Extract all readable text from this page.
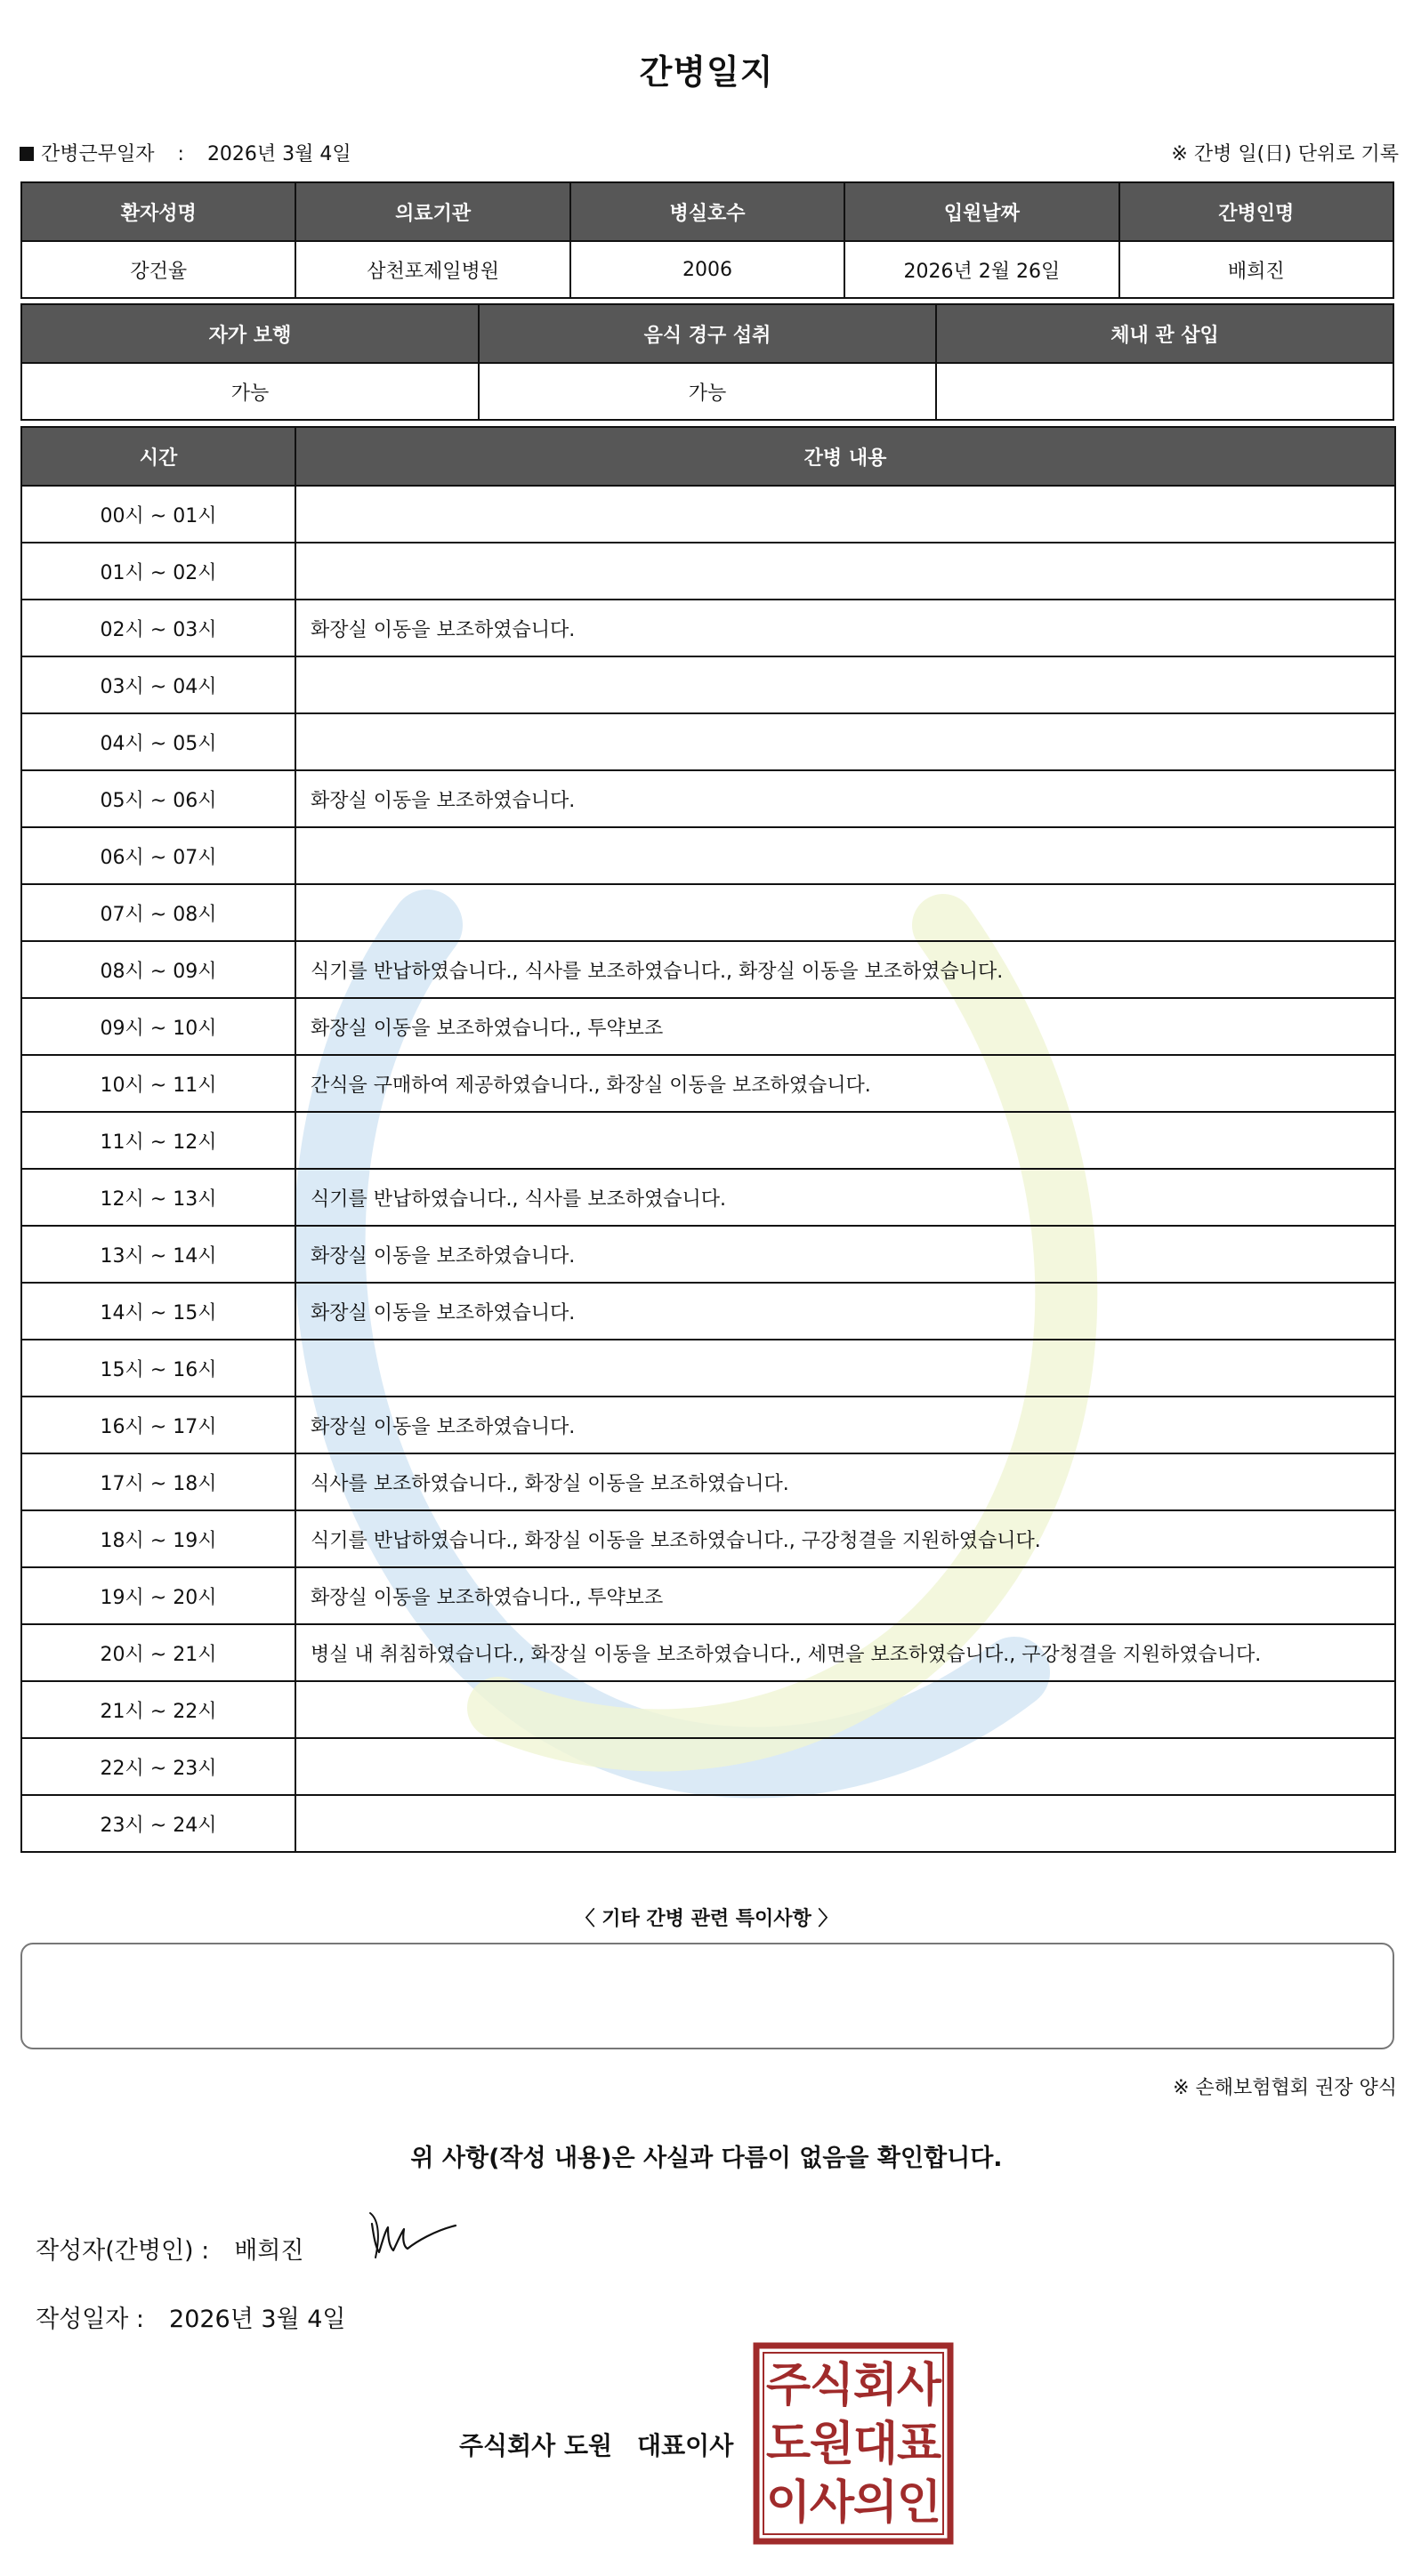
간병일지
간병근무일자 : 2026년 3월 4일	※ 간병 일(日) 단위로 기록
환자성명	의료기관	병실호수	입원날짜	간병인명
강건율	삼천포제일병원	2006	2026년 2월 26일	배희진
자가 보행	음식 경구 섭취	체내 관 삽입
가능	가능	
시간	간병 내용
00시 ~ 01시	
01시 ~ 02시	
02시 ~ 03시	화장실 이동을 보조하였습니다.
03시 ~ 04시	
04시 ~ 05시	
05시 ~ 06시	화장실 이동을 보조하였습니다.
06시 ~ 07시	
07시 ~ 08시	
08시 ~ 09시	식기를 반납하였습니다., 식사를 보조하였습니다., 화장실 이동을 보조하였습니다.
09시 ~ 10시	화장실 이동을 보조하였습니다., 투약보조
10시 ~ 11시	간식을 구매하여 제공하였습니다., 화장실 이동을 보조하였습니다.
11시 ~ 12시	
12시 ~ 13시	식기를 반납하였습니다., 식사를 보조하였습니다.
13시 ~ 14시	화장실 이동을 보조하였습니다.
14시 ~ 15시	화장실 이동을 보조하였습니다.
15시 ~ 16시	
16시 ~ 17시	화장실 이동을 보조하였습니다.
17시 ~ 18시	식사를 보조하였습니다., 화장실 이동을 보조하였습니다.
18시 ~ 19시	식기를 반납하였습니다., 화장실 이동을 보조하였습니다., 구강청결을 지원하였습니다.
19시 ~ 20시	화장실 이동을 보조하였습니다., 투약보조
20시 ~ 21시	병실 내 취침하였습니다., 화장실 이동을 보조하였습니다., 세면을 보조하였습니다., 구강청결을 지원하였습니다.
21시 ~ 22시	
22시 ~ 23시	
23시 ~ 24시	
〈 기타 간병 관련 특이사항 〉
※ 손해보험협회 권장 양식
위 사항(작성 내용)은 사실과 다름이 없음을 확인합니다.
작성자(간병인) : 배희진
작성일자 : 2026년 3월 4일
주식회사 도원 대표이사
주
식
회
사
도
원
대
표
이
사
의
인
